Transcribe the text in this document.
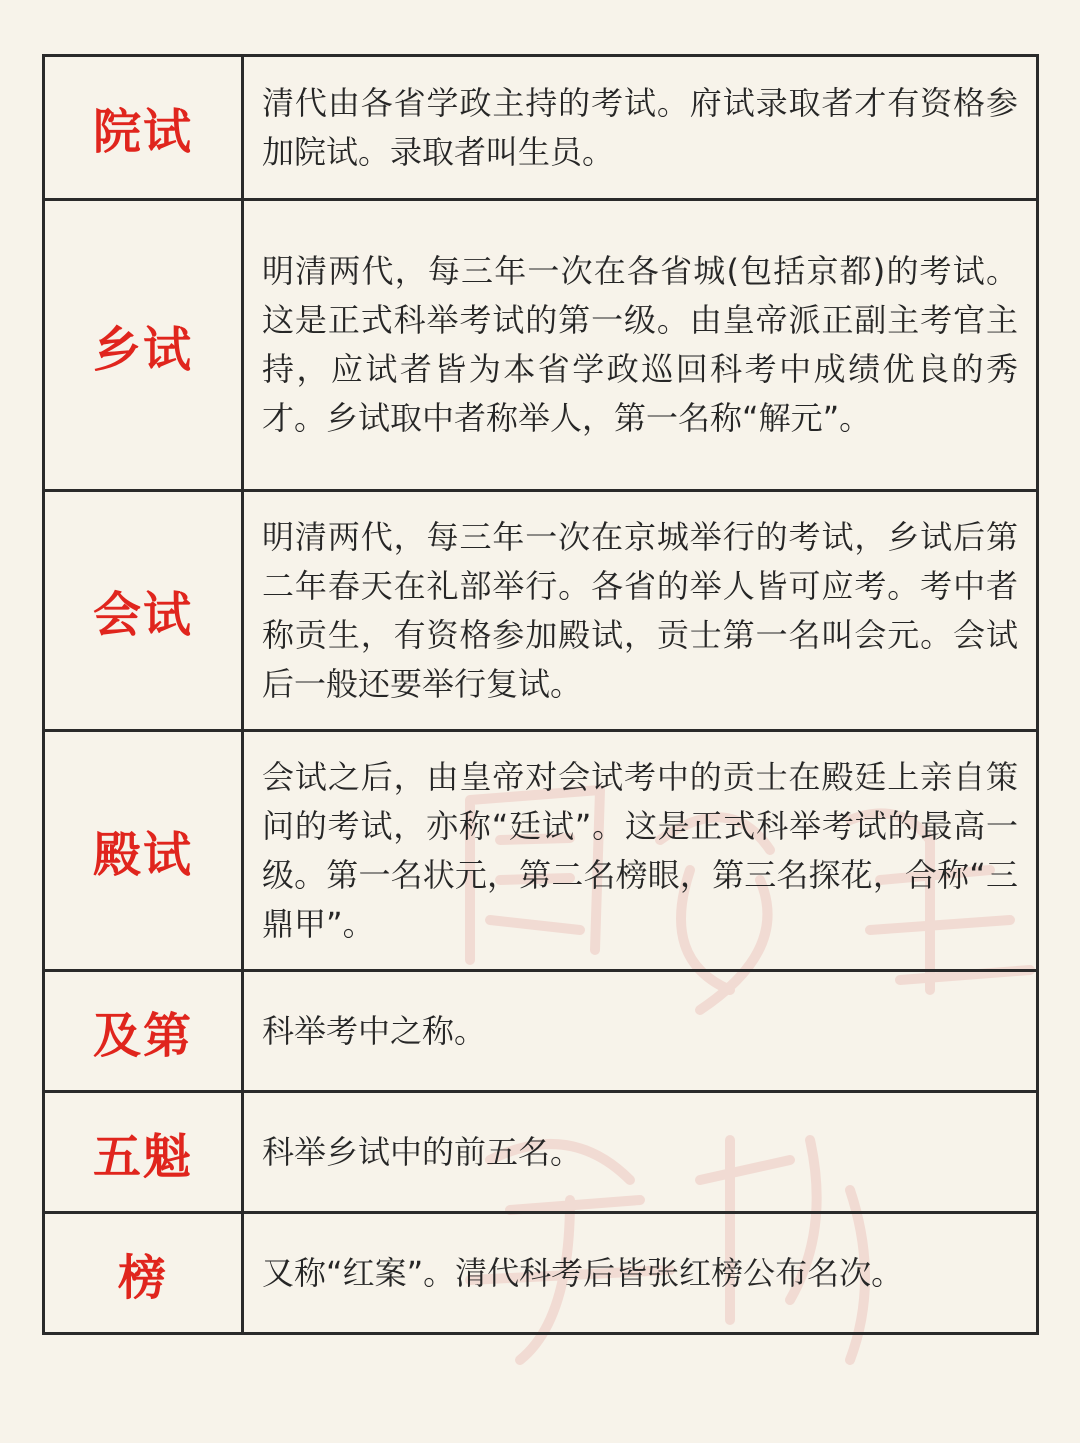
院试	清代由各省学政主持的考试。府试录取者才有资格参加院试。录取者叫生员。

乡试	明清两代，每三年一次在各省城(包括京都)的考试。这是正式科举考试的第一级。由皇帝派正副主考官主持，应试者皆为本省学政巡回科考中成绩优良的秀才。乡试取中者称举人，第一名称“解元”。

会试	明清两代，每三年一次在京城举行的考试，乡试后第二年春天在礼部举行。各省的举人皆可应考。考中者称贡生，有资格参加殿试，贡士第一名叫会元。会试后一般还要举行复试。

殿试	会试之后，由皇帝对会试考中的贡士在殿廷上亲自策问的考试，亦称“廷试”。这是正式科举考试的最高一级。第一名状元，第二名榜眼，第三名探花，合称“三鼎甲”。

及第	科举考中之称。

五魁	科举乡试中的前五名。

榜	又称“红案”。清代科考后皆张红榜公布名次。
